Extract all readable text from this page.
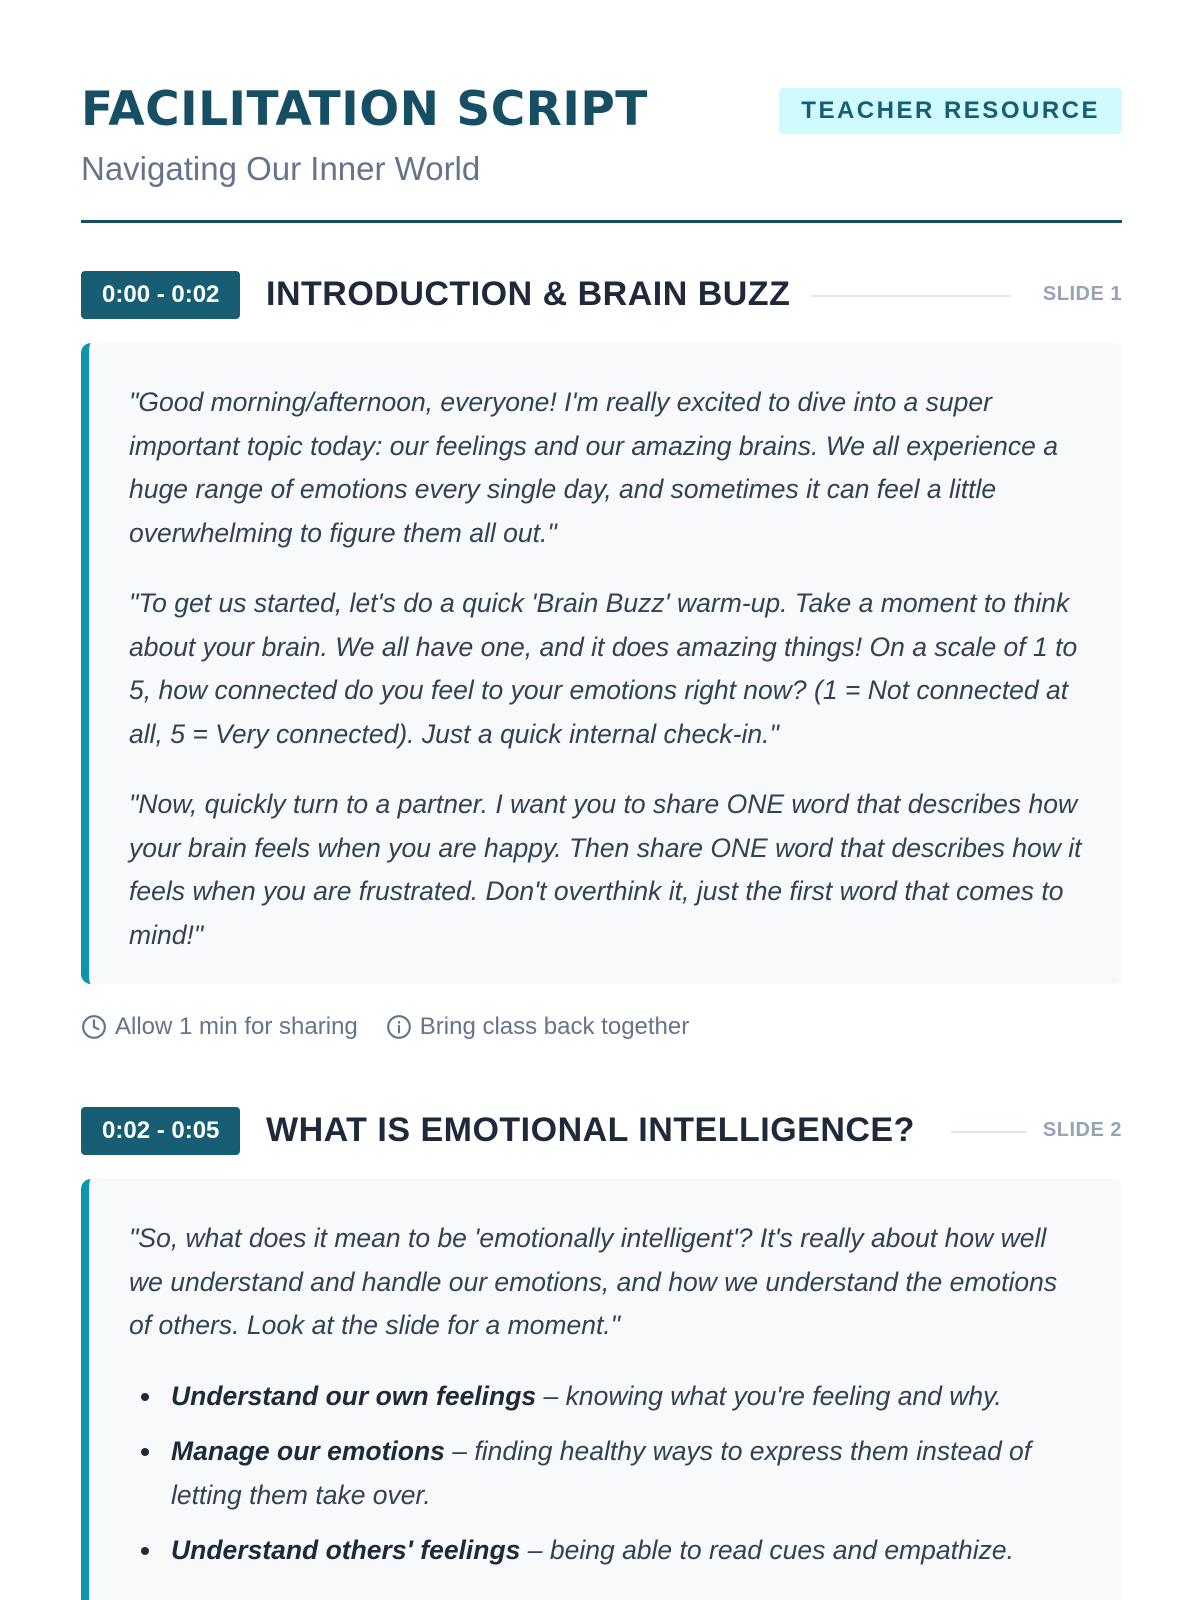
FACILITATION SCRIPT
Navigating Our Inner World
TEACHER RESOURCE
0:00 - 0:02	INTRODUCTION & BRAIN BUZZ	SLIDE 1

"Good morning/afternoon, everyone! I'm really excited to dive into a super important topic today: our feelings and our amazing brains. We all experience a huge range of emotions every single day, and sometimes it can feel a little overwhelming to figure them all out."

"To get us started, let's do a quick 'Brain Buzz' warm-up. Take a moment to think about your brain. We all have one, and it does amazing things! On a scale of 1 to 5, how connected do you feel to your emotions right now? (1 = Not connected at all, 5 = Very connected). Just a quick internal check-in."

"Now, quickly turn to a partner. I want you to share ONE word that describes how your brain feels when you are happy. Then share ONE word that describes how it feels when you are frustrated. Don't overthink it, just the first word that comes to mind!"

Allow 1 min for sharing	Bring class back together
0:02 - 0:05	WHAT IS EMOTIONAL INTELLIGENCE?	SLIDE 2

"So, what does it mean to be 'emotionally intelligent'? It's really about how well we understand and handle our emotions, and how we understand the emotions of others. Look at the slide for a moment."

Understand our own feelings – knowing what you're feeling and why.
Manage our emotions – finding healthy ways to express them instead of letting them take over.
Understand others' feelings – being able to read cues and empathize.
